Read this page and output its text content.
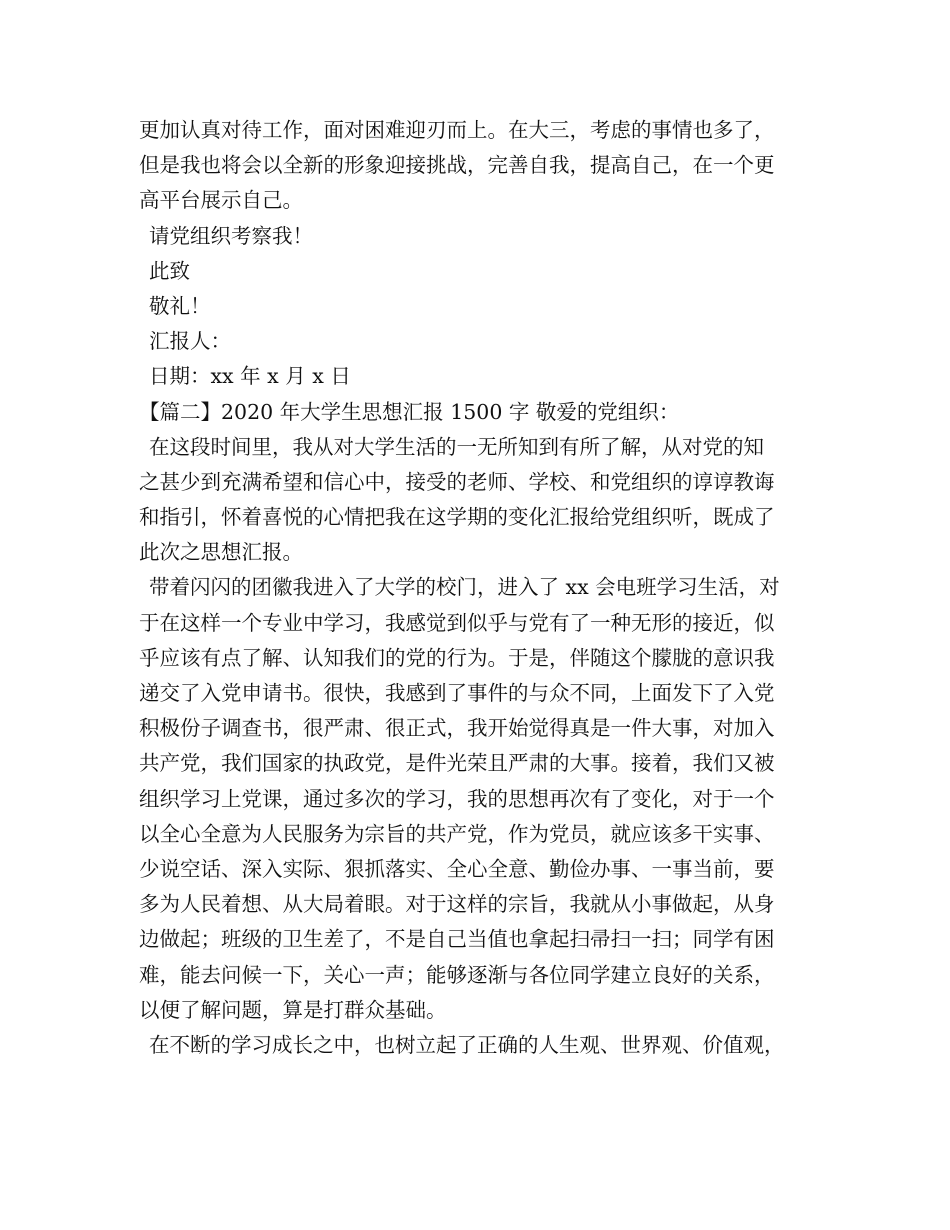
更加认真对待工作，面对困难迎刃而上。在大三，考虑的事情也多了，
但是我也将会以全新的形象迎接挑战，完善自我，提高自己，在一个更
高平台展示自己。
请党组织考察我！
此致
敬礼！
汇报人：
日期：xx 年 x 月 x 日
【篇二】2020 年大学生思想汇报 1500 字 敬爱的党组织：
在这段时间里，我从对大学生活的一无所知到有所了解，从对党的知
之甚少到充满希望和信心中，接受的老师、学校、和党组织的谆谆教诲
和指引，怀着喜悦的心情把我在这学期的变化汇报给党组织听，既成了
此次之思想汇报。
带着闪闪的团徽我进入了大学的校门，进入了 xx 会电班学习生活，对
于在这样一个专业中学习，我感觉到似乎与党有了一种无形的接近，似
乎应该有点了解、认知我们的党的行为。于是，伴随这个朦胧的意识我
递交了入党申请书。很快，我感到了事件的与众不同，上面发下了入党
积极份子调查书，很严肃、很正式，我开始觉得真是一件大事，对加入
共产党，我们国家的执政党，是件光荣且严肃的大事。接着，我们又被
组织学习上党课，通过多次的学习，我的思想再次有了变化，对于一个
以全心全意为人民服务为宗旨的共产党，作为党员，就应该多干实事、
少说空话、深入实际、狠抓落实、全心全意、勤俭办事、一事当前，要
多为人民着想、从大局着眼。对于这样的宗旨，我就从小事做起，从身
边做起；班级的卫生差了，不是自己当值也拿起扫帚扫一扫；同学有困
难，能去问候一下，关心一声；能够逐渐与各位同学建立良好的关系，
以便了解问题，算是打群众基础。
在不断的学习成长之中，也树立起了正确的人生观、世界观、价值观，
